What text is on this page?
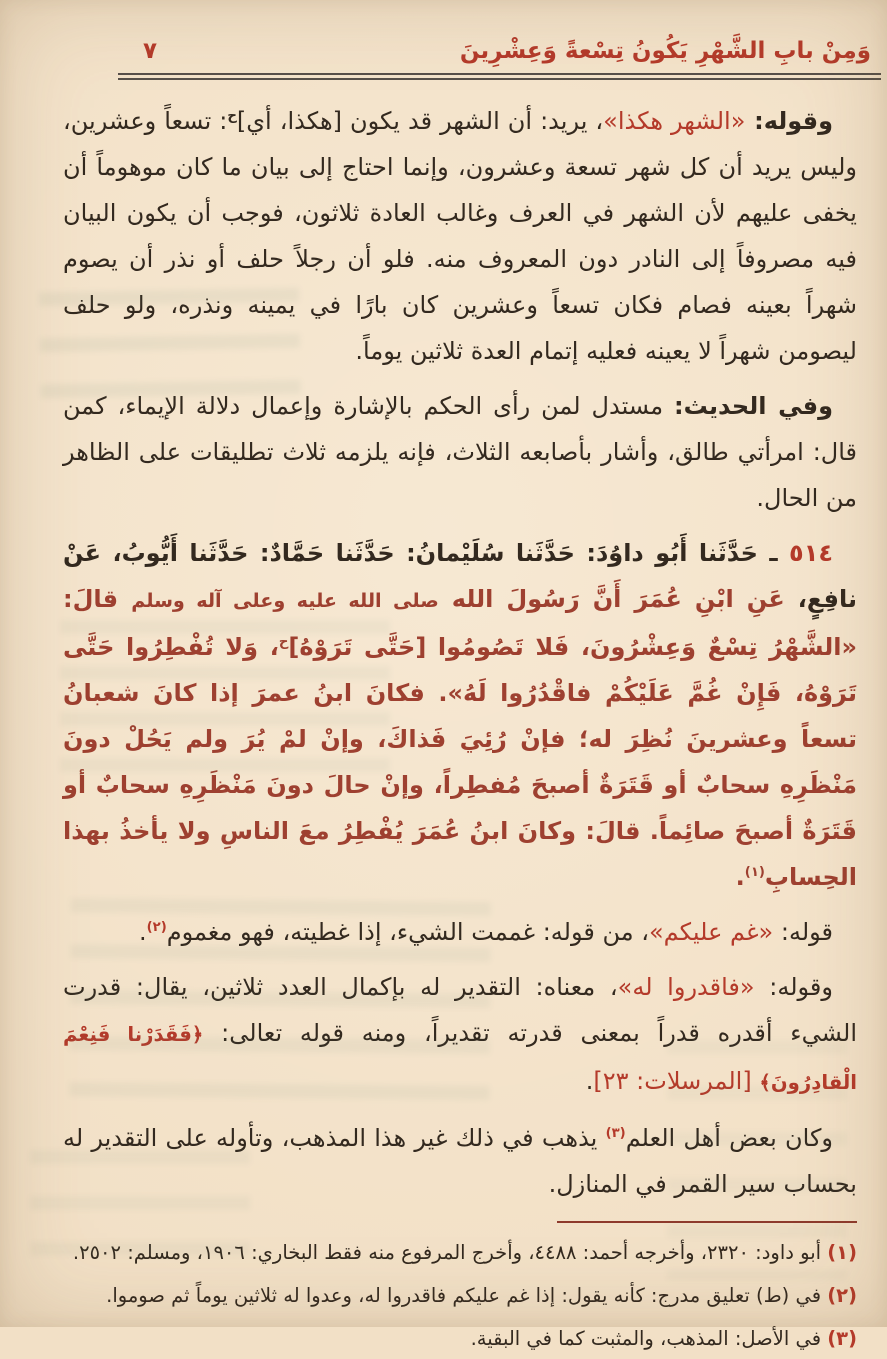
وَمِنْ بابِ الشَّهْرِ يَكُونُ تِسْعةً وَعِشْرِينَ
٧

وقوله: «الشهر هكذا»، يريد: أن الشهر قد يكون [هكذا، أي]$^ح$: تسعاً وعشرين، وليس يريد أن كل شهر تسعة وعشرون، وإنما احتاج إلى بيان ما كان موهوماً أن يخفى عليهم لأن الشهر في العرف وغالب العادة ثلاثون، فوجب أن يكون البيان فيه مصروفاً إلى النادر دون المعروف منه. فلو أن رجلاً حلف أو نذر أن يصوم شهراً بعينه فصام فكان تسعاً وعشرين كان بارًا في يمينه ونذره، ولو حلف ليصومن شهراً لا يعينه فعليه إتمام العدة ثلاثين يوماً.

وفي الحديث: مستدل لمن رأى الحكم بالإشارة وإعمال دلالة الإيماء، كمن قال: امرأتي طالق، وأشار بأصابعه الثلاث، فإنه يلزمه ثلاث تطليقات على الظاهر من الحال.

٥١٤ ـ حَدَّثَنا أَبُو داوُدَ: حَدَّثَنا سُلَيْمانُ: حَدَّثَنا حَمَّادٌ: حَدَّثَنا أَيُّوبُ، عَنْ نافِعٍ، عَنِ ابْنِ عُمَرَ أَنَّ رَسُولَ الله صلى الله عليه وعلى آله وسلم قالَ: «الشَّهْرُ تِسْعٌ وَعِشْرُونَ، فَلا تَصُومُوا [حَتَّى تَرَوْهُ]$^ح$، وَلا تُفْطِرُوا حَتَّى تَرَوْهُ، فَإِنْ غُمَّ عَلَيْكُمْ فاقْدُرُوا لَهُ». فكانَ ابنُ عمرَ إذا كانَ شعبانُ تسعاً وعشرينَ نُظِرَ له؛ فإنْ رُئِيَ فَذاكَ، وإنْ لمْ يُرَ ولم يَحُلْ دونَ مَنْظَرِهِ سحابٌ أو قَتَرَةٌ أصبحَ مُفطِراً، وإنْ حالَ دونَ مَنْظَرِهِ سحابٌ أو قَتَرَةٌ أصبحَ صائِماً. قالَ: وكانَ ابنُ عُمَرَ يُفْطِرُ معَ الناسِ ولا يأخذُ بهذا الحِسابِ$^{(١)}$.

قوله: «غم عليكم»، من قوله: غممت الشيء، إذا غطيته، فهو مغموم$^{(٢)}$.

وقوله: «فاقدروا له»، معناه: التقدير له بإكمال العدد ثلاثين، يقال: قدرت الشيء أقدره قدراً بمعنى قدرته تقديراً، ومنه قوله تعالى: ﴿فَقَدَرْنا فَنِعْمَ الْقادِرُونَ﴾ [المرسلات: ٢٣].

وكان بعض أهل العلم$^{(٣)}$ يذهب في ذلك غير هذا المذهب، وتأوله على التقدير له بحساب سير القمر في المنازل.

(١) أبو داود: ٢٣٢٠، وأخرجه أحمد: ٤٤٨٨، وأخرج المرفوع منه فقط البخاري: ١٩٠٦، ومسلم: ٢٥٠٢.
(٢) في (ط) تعليق مدرج: كأنه يقول: إذا غم عليكم فاقدروا له، وعدوا له ثلاثين يوماً ثم صوموا.
(٣) في الأصل: المذهب، والمثبت كما في البقية.
